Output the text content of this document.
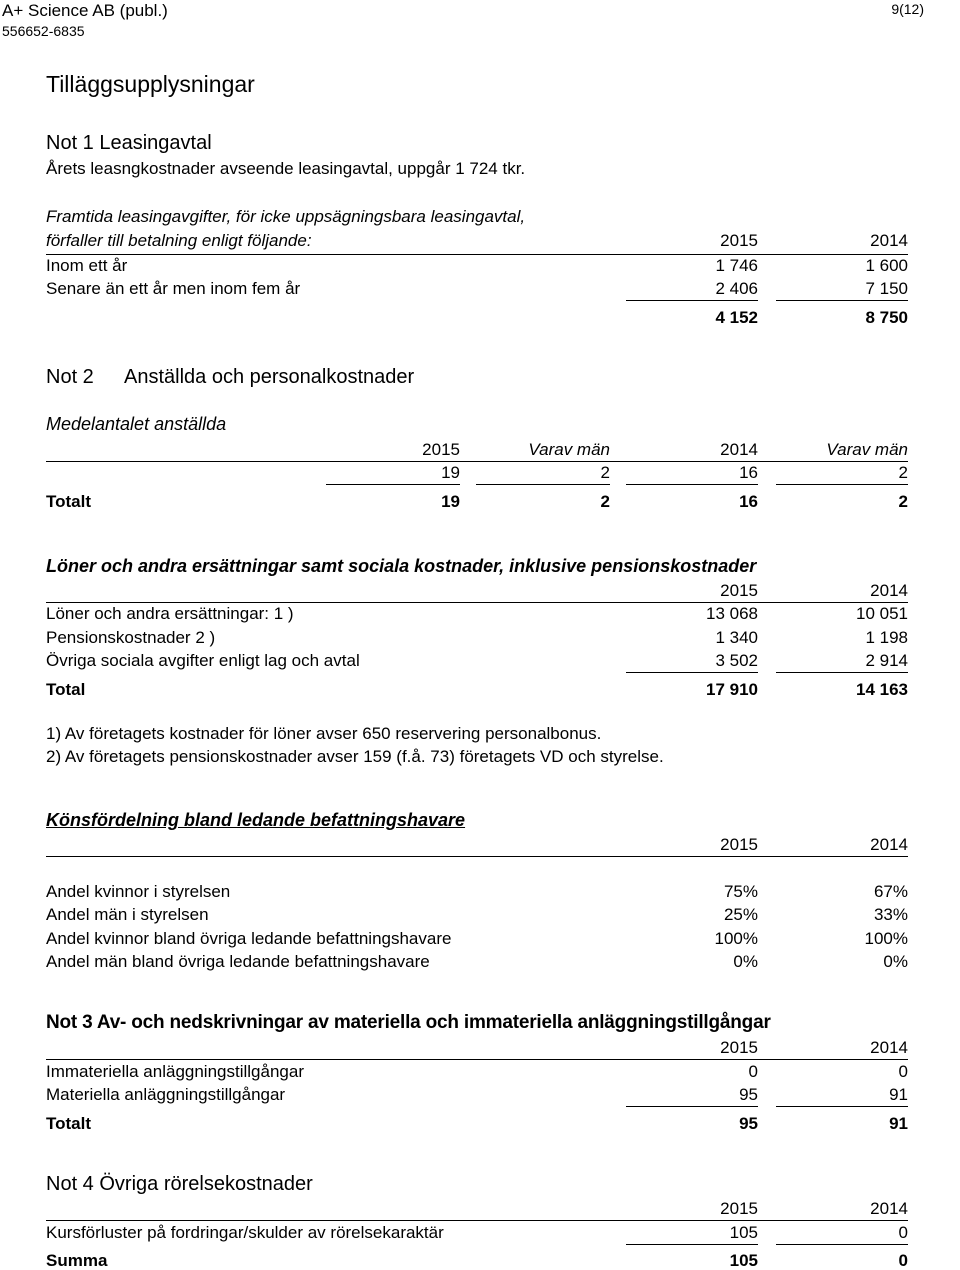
A+ Science AB (publ.)
556652-6835
9(12)
Tilläggsupplysningar
Not 1 Leasingavtal
Årets leasngkostnader avseende leasingavtal, uppgår 1 724 tkr.
Framtida leasingavgifter, för icke uppsägningsbara leasingavtal,
förfaller till betalning enligt följande:	2015	2014
Inom ett år	1 746	1 600
Senare än ett år men inom fem år	2 406	7 150
4 152	8 750
Not 2 Anställda och personalkostnader
Medelantalet anställda
2015	Varav män	2014	Varav män
19	2	16	2
Totalt	19	2	16	2
Löner och andra ersättningar samt sociala kostnader, inklusive pensionskostnader
2015	2014
Löner och andra ersättningar: 1 )	13 068	10 051
Pensionskostnader 2 )	1 340	1 198
Övriga sociala avgifter enligt lag och avtal	3 502	2 914
Total	17 910	14 163
1) Av företagets kostnader för löner avser 650 reservering personalbonus.
2) Av företagets pensionskostnader avser 159 (f.å. 73) företagets VD och styrelse.
Könsfördelning bland ledande befattningshavare
2015	2014
Andel kvinnor i styrelsen	75%	67%
Andel män i styrelsen	25%	33%
Andel kvinnor bland övriga ledande befattningshavare	100%	100%
Andel män bland övriga ledande befattningshavare	0%	0%
Not 3 Av- och nedskrivningar av materiella och immateriella anläggningstillgångar
2015	2014
Immateriella anläggningstillgångar	0	0
Materiella anläggningstillgångar	95	91
Totalt	95	91
Not 4 Övriga rörelsekostnader
2015	2014
Kursförluster på fordringar/skulder av rörelsekaraktär	105	0
Summa	105	0
